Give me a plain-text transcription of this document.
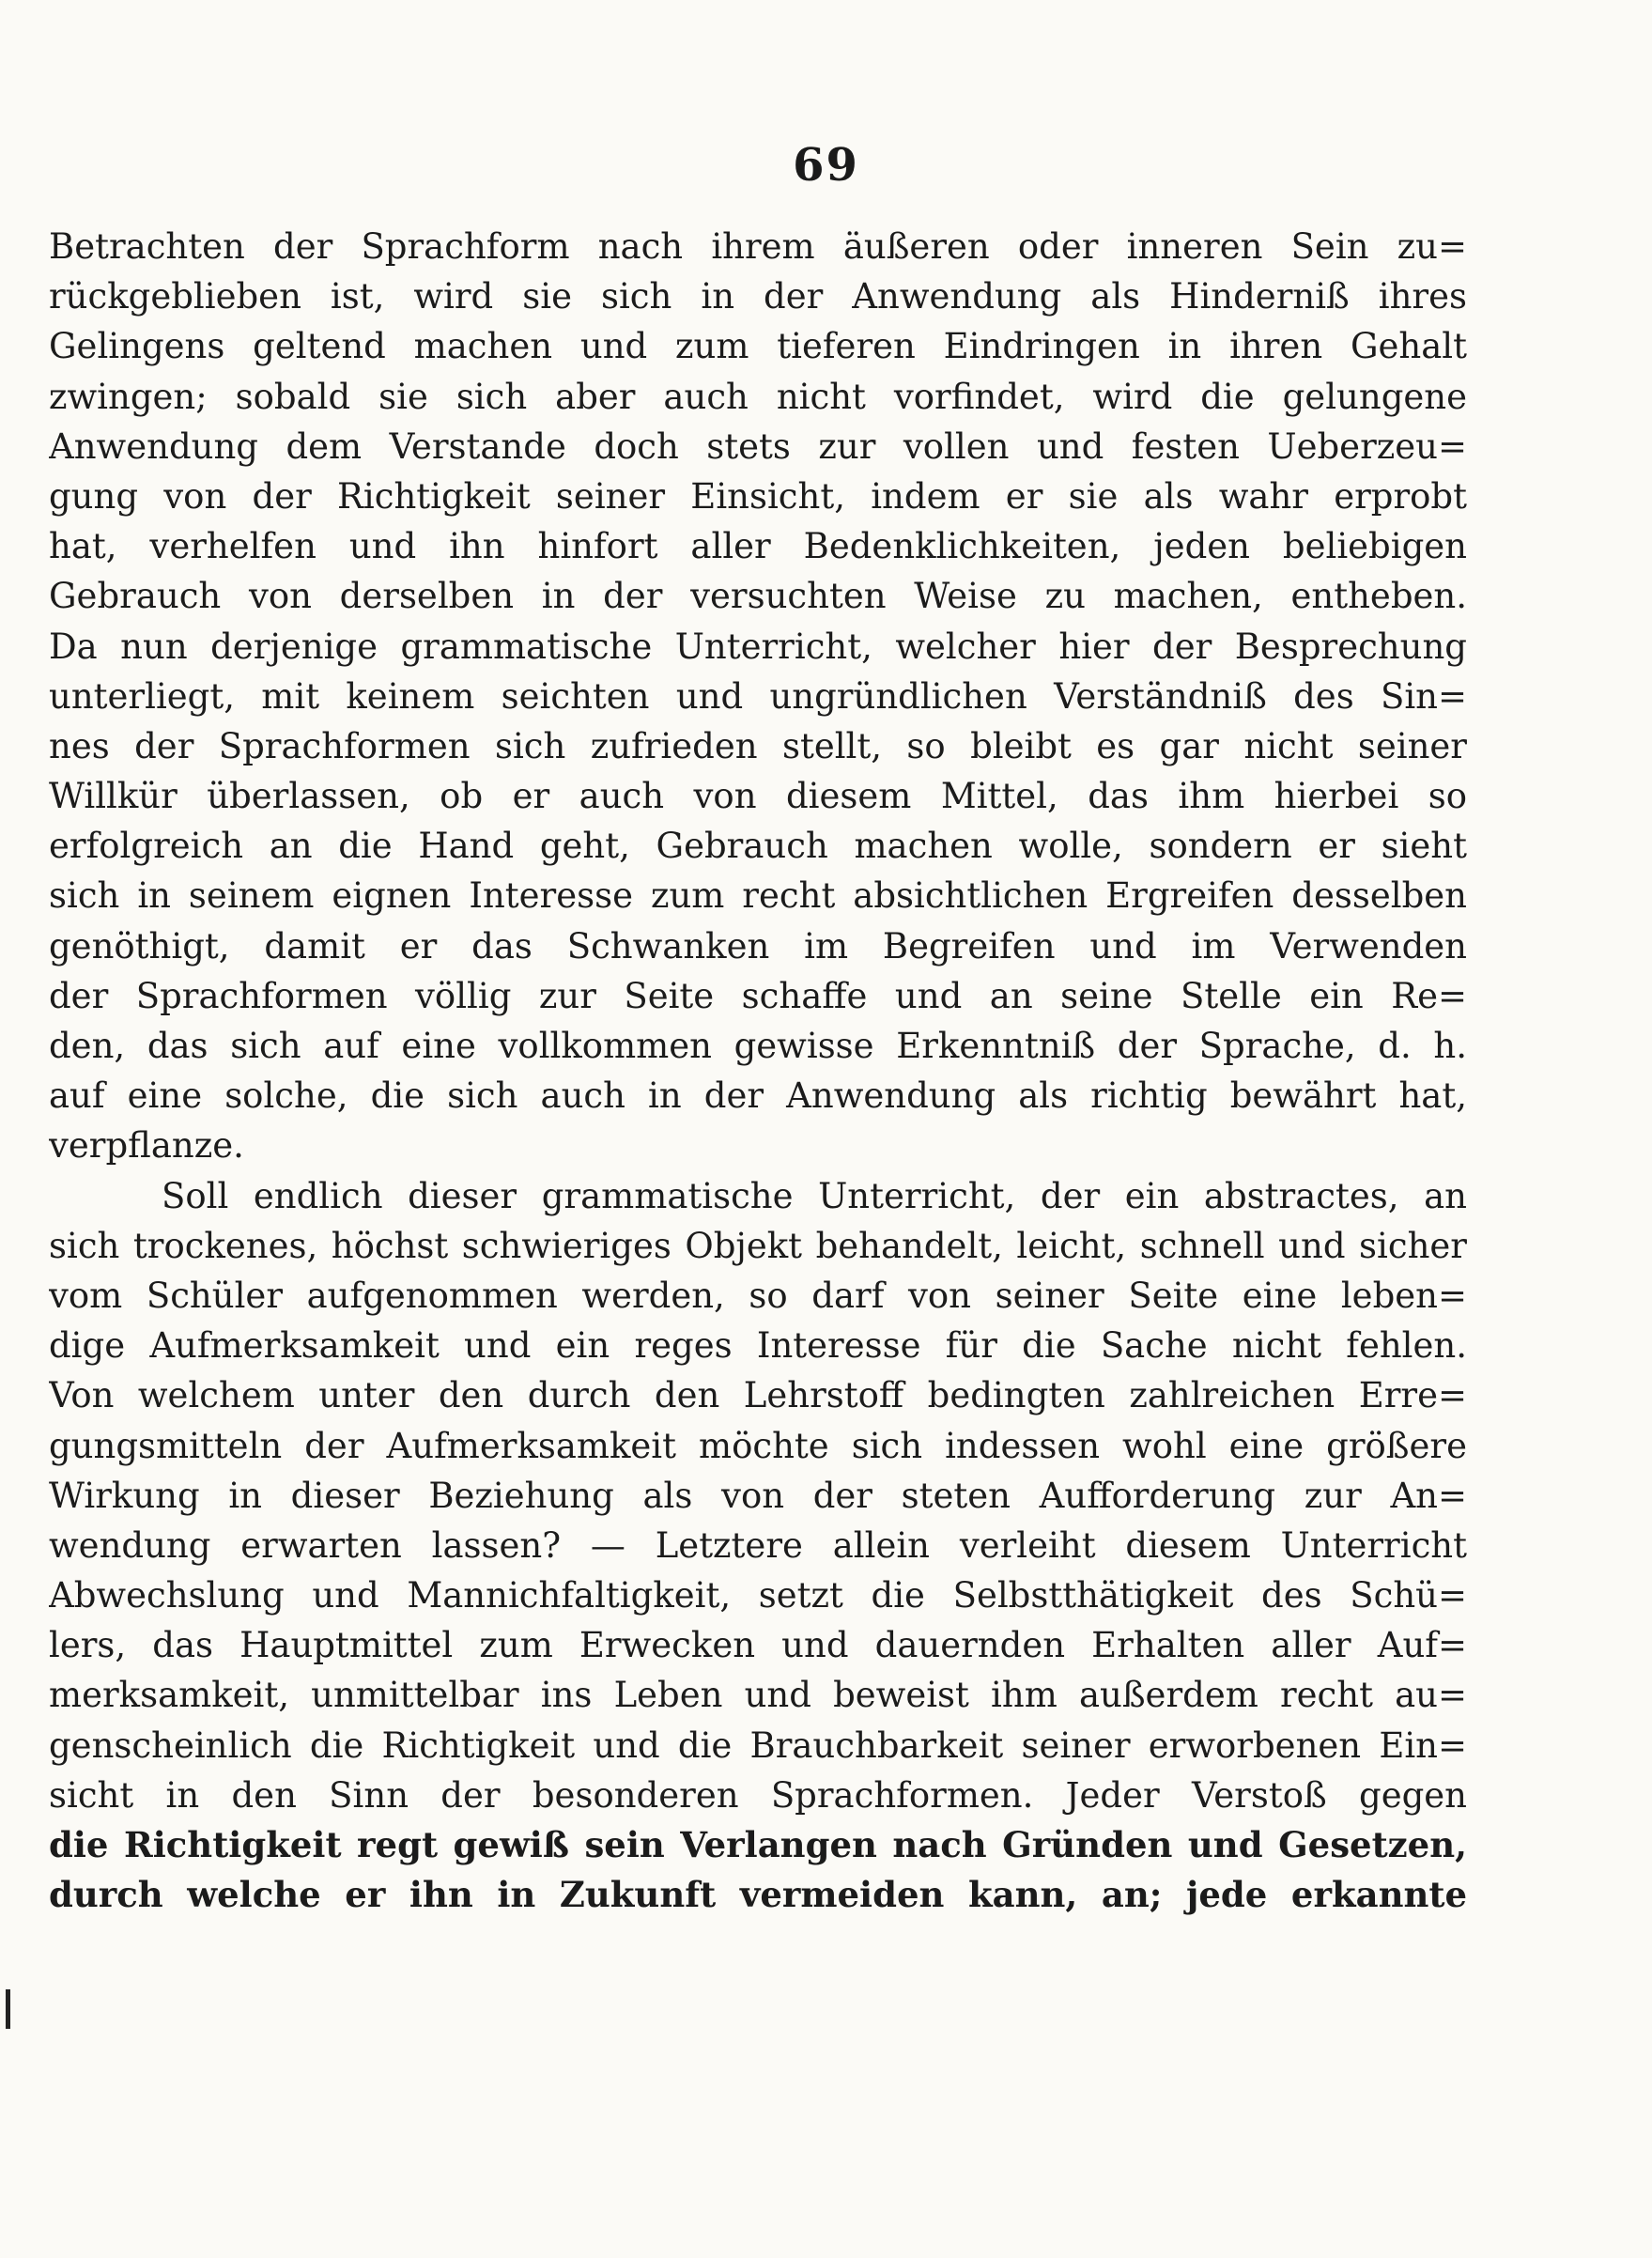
69
Betrachten der Sprachform nach ihrem äußeren oder inneren Sein zu=
rückgeblieben ist, wird sie sich in der Anwendung als Hinderniß ihres
Gelingens geltend machen und zum tieferen Eindringen in ihren Gehalt
zwingen; sobald sie sich aber auch nicht vorfindet, wird die gelungene
Anwendung dem Verstande doch stets zur vollen und festen Ueberzeu=
gung von der Richtigkeit seiner Einsicht, indem er sie als wahr erprobt
hat, verhelfen und ihn hinfort aller Bedenklichkeiten, jeden beliebigen
Gebrauch von derselben in der versuchten Weise zu machen, entheben.
Da nun derjenige grammatische Unterricht, welcher hier der Besprechung
unterliegt, mit keinem seichten und ungründlichen Verständniß des Sin=
nes der Sprachformen sich zufrieden stellt, so bleibt es gar nicht seiner
Willkür überlassen, ob er auch von diesem Mittel, das ihm hierbei so
erfolgreich an die Hand geht, Gebrauch machen wolle, sondern er sieht
sich in seinem eignen Interesse zum recht absichtlichen Ergreifen desselben
genöthigt, damit er das Schwanken im Begreifen und im Verwenden
der Sprachformen völlig zur Seite schaffe und an seine Stelle ein Re=
den, das sich auf eine vollkommen gewisse Erkenntniß der Sprache, d. h.
auf eine solche, die sich auch in der Anwendung als richtig bewährt hat,
verpflanze.
Soll endlich dieser grammatische Unterricht, der ein abstractes, an
sich trockenes, höchst schwieriges Objekt behandelt, leicht, schnell und sicher
vom Schüler aufgenommen werden, so darf von seiner Seite eine leben=
dige Aufmerksamkeit und ein reges Interesse für die Sache nicht fehlen.
Von welchem unter den durch den Lehrstoff bedingten zahlreichen Erre=
gungsmitteln der Aufmerksamkeit möchte sich indessen wohl eine größere
Wirkung in dieser Beziehung als von der steten Aufforderung zur An=
wendung erwarten lassen? — Letztere allein verleiht diesem Unterricht
Abwechslung und Mannichfaltigkeit, setzt die Selbstthätigkeit des Schü=
lers, das Hauptmittel zum Erwecken und dauernden Erhalten aller Auf=
merksamkeit, unmittelbar ins Leben und beweist ihm außerdem recht au=
genscheinlich die Richtigkeit und die Brauchbarkeit seiner erworbenen Ein=
sicht in den Sinn der besonderen Sprachformen. Jeder Verstoß gegen
die Richtigkeit regt gewiß sein Verlangen nach Gründen und Gesetzen,
durch welche er ihn in Zukunft vermeiden kann, an; jede erkannte
